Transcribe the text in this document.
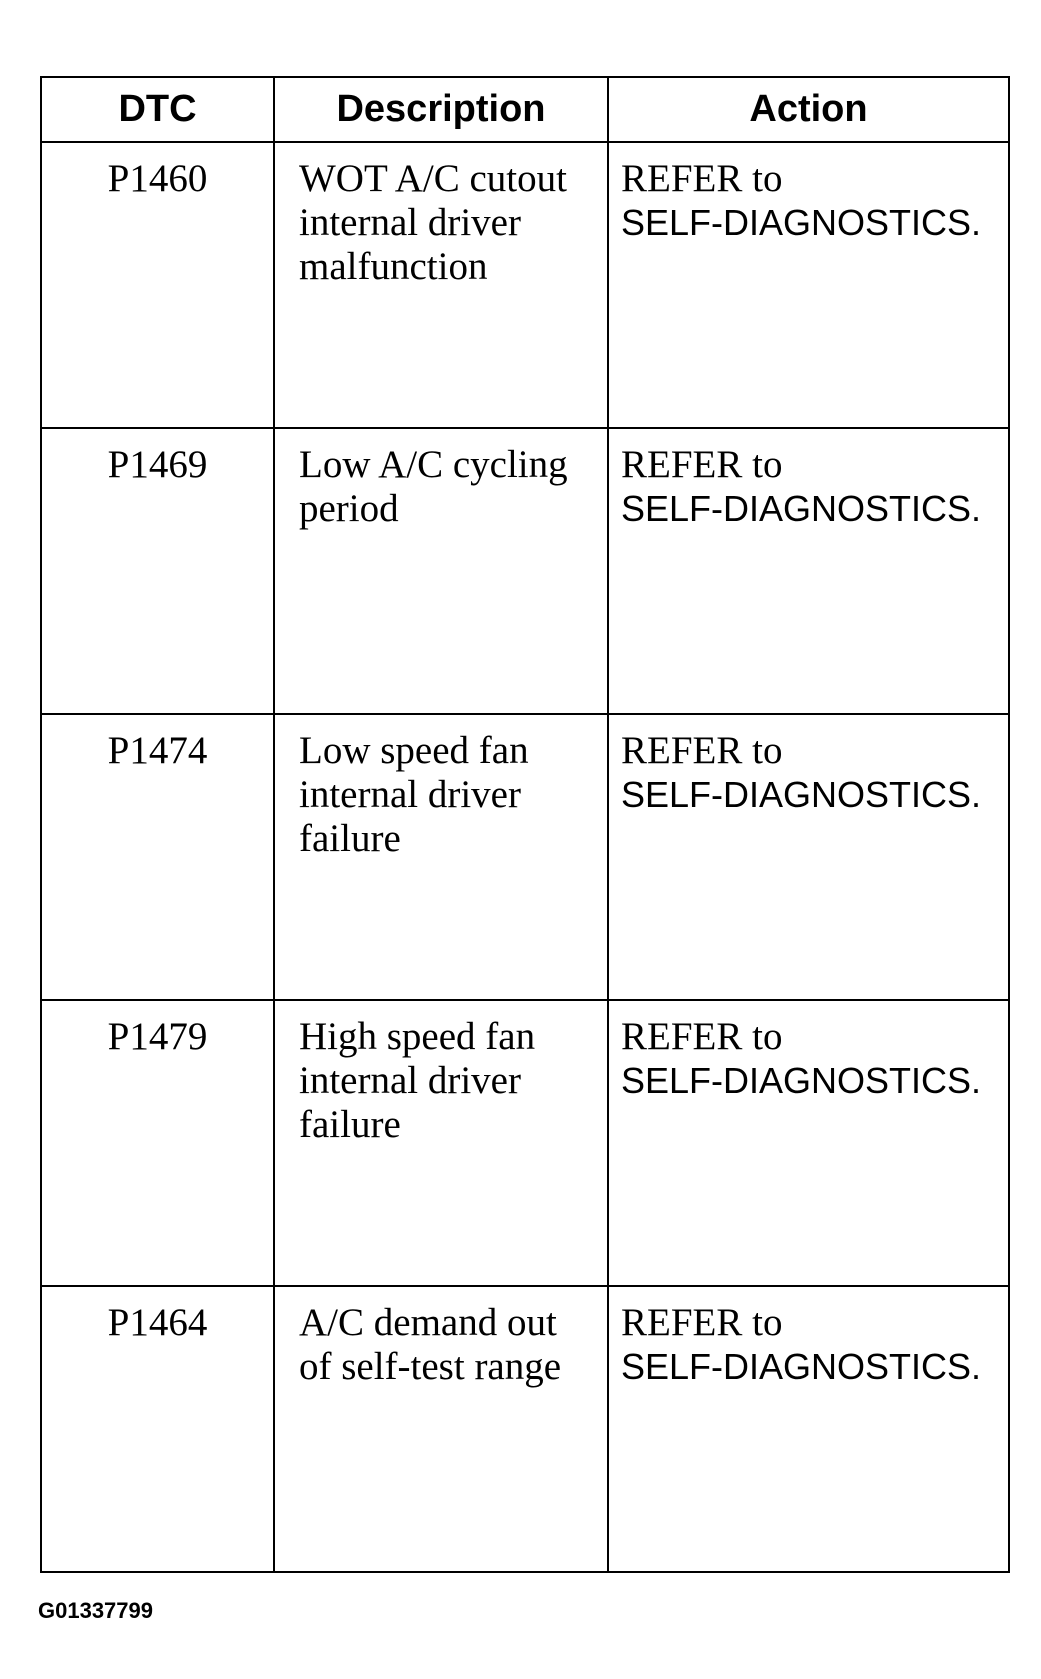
DTC	Description	Action
P1460	WOT A/C cutout internal driver malfunction	REFER to
SELF-DIAGNOSTICS.

P1469	Low A/C cycling period	REFER to
SELF-DIAGNOSTICS.

P1474	Low speed fan internal driver failure	REFER to
SELF-DIAGNOSTICS.

P1479	High speed fan internal driver failure	REFER to
SELF-DIAGNOSTICS.

P1464	A/C demand out of self-test range	REFER to
SELF-DIAGNOSTICS.
G01337799
